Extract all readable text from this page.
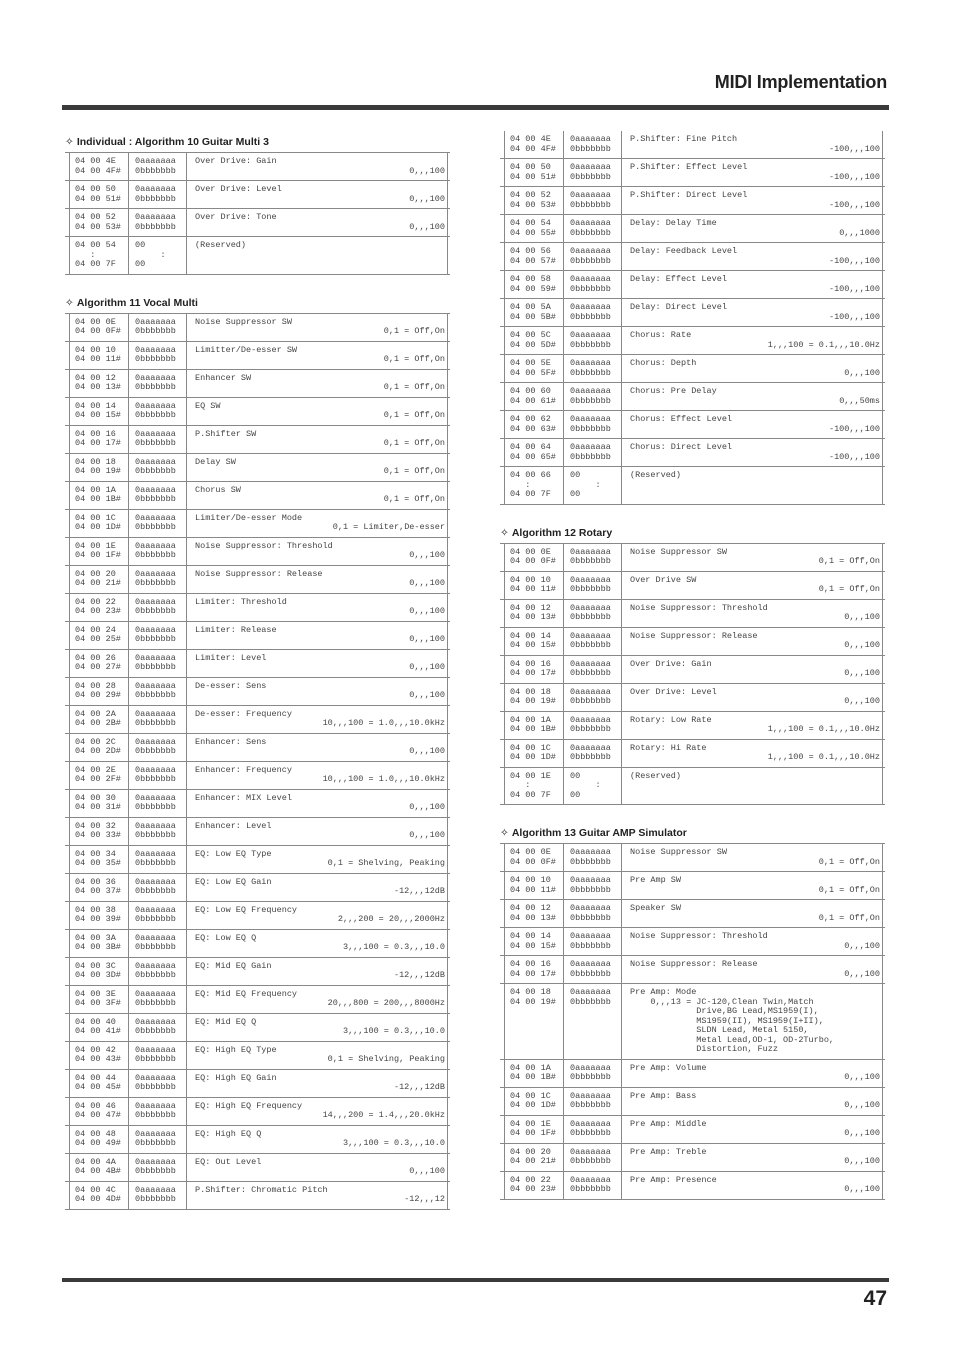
MIDI Implementation
✧ Individual : Algorithm 10 Guitar Multi 3
04 00 4E
04 00 4F#
0aaaaaaa
0bbbbbbb
Over Drive: Gain
0,,,100
04 00 50
04 00 51#
0aaaaaaa
0bbbbbbb
Over Drive: Level
0,,,100
04 00 52
04 00 53#
0aaaaaaa
0bbbbbbb
Over Drive: Tone
0,,,100
04 00 54
:
04 00 7F
00
:
00
(Reserved)
✧ Algorithm 11 Vocal Multi
04 00 0E
04 00 0F#
0aaaaaaa
0bbbbbbb
Noise Suppressor SW
0,1 = Off,On
04 00 10
04 00 11#
0aaaaaaa
0bbbbbbb
Limitter/De-esser SW
0,1 = Off,On
04 00 12
04 00 13#
0aaaaaaa
0bbbbbbb
Enhancer SW
0,1 = Off,On
04 00 14
04 00 15#
0aaaaaaa
0bbbbbbb
EQ SW
0,1 = Off,On
04 00 16
04 00 17#
0aaaaaaa
0bbbbbbb
P.Shifter SW
0,1 = Off,On
04 00 18
04 00 19#
0aaaaaaa
0bbbbbbb
Delay SW
0,1 = Off,On
04 00 1A
04 00 1B#
0aaaaaaa
0bbbbbbb
Chorus SW
0,1 = Off,On
04 00 1C
04 00 1D#
0aaaaaaa
0bbbbbbb
Limiter/De-esser Mode
0,1 = Limiter,De-esser
04 00 1E
04 00 1F#
0aaaaaaa
0bbbbbbb
Noise Suppressor: Threshold
0,,,100
04 00 20
04 00 21#
0aaaaaaa
0bbbbbbb
Noise Suppressor: Release
0,,,100
04 00 22
04 00 23#
0aaaaaaa
0bbbbbbb
Limiter: Threshold
0,,,100
04 00 24
04 00 25#
0aaaaaaa
0bbbbbbb
Limiter: Release
0,,,100
04 00 26
04 00 27#
0aaaaaaa
0bbbbbbb
Limiter: Level
0,,,100
04 00 28
04 00 29#
0aaaaaaa
0bbbbbbb
De-esser: Sens
0,,,100
04 00 2A
04 00 2B#
0aaaaaaa
0bbbbbbb
De-esser: Frequency
10,,,100 = 1.0,,,10.0kHz
04 00 2C
04 00 2D#
0aaaaaaa
0bbbbbbb
Enhancer: Sens
0,,,100
04 00 2E
04 00 2F#
0aaaaaaa
0bbbbbbb
Enhancer: Frequency
10,,,100 = 1.0,,,10.0kHz
04 00 30
04 00 31#
0aaaaaaa
0bbbbbbb
Enhancer: MIX Level
0,,,100
04 00 32
04 00 33#
0aaaaaaa
0bbbbbbb
Enhancer: Level
0,,,100
04 00 34
04 00 35#
0aaaaaaa
0bbbbbbb
EQ: Low EQ Type
0,1 = Shelving, Peaking
04 00 36
04 00 37#
0aaaaaaa
0bbbbbbb
EQ: Low EQ Gain
-12,,,12dB
04 00 38
04 00 39#
0aaaaaaa
0bbbbbbb
EQ: Low EQ Frequency
2,,,200 = 20,,,2000Hz
04 00 3A
04 00 3B#
0aaaaaaa
0bbbbbbb
EQ: Low EQ Q
3,,,100 = 0.3,,,10.0
04 00 3C
04 00 3D#
0aaaaaaa
0bbbbbbb
EQ: Mid EQ Gain
-12,,,12dB
04 00 3E
04 00 3F#
0aaaaaaa
0bbbbbbb
EQ: Mid EQ Frequency
20,,,800 = 200,,,8000Hz
04 00 40
04 00 41#
0aaaaaaa
0bbbbbbb
EQ: Mid EQ Q
3,,,100 = 0.3,,,10.0
04 00 42
04 00 43#
0aaaaaaa
0bbbbbbb
EQ: High EQ Type
0,1 = Shelving, Peaking
04 00 44
04 00 45#
0aaaaaaa
0bbbbbbb
EQ: High EQ Gain
-12,,,12dB
04 00 46
04 00 47#
0aaaaaaa
0bbbbbbb
EQ: High EQ Frequency
14,,,200 = 1.4,,,20.0kHz
04 00 48
04 00 49#
0aaaaaaa
0bbbbbbb
EQ: High EQ Q
3,,,100 = 0.3,,,10.0
04 00 4A
04 00 4B#
0aaaaaaa
0bbbbbbb
EQ: Out Level
0,,,100
04 00 4C
04 00 4D#
0aaaaaaa
0bbbbbbb
P.Shifter: Chromatic Pitch
-12,,,12
04 00 4E
04 00 4F#
0aaaaaaa
0bbbbbbb
P.Shifter: Fine Pitch
-100,,,100
04 00 50
04 00 51#
0aaaaaaa
0bbbbbbb
P.Shifter: Effect Level
-100,,,100
04 00 52
04 00 53#
0aaaaaaa
0bbbbbbb
P.Shifter: Direct Level
-100,,,100
04 00 54
04 00 55#
0aaaaaaa
0bbbbbbb
Delay: Delay Time
0,,,1000
04 00 56
04 00 57#
0aaaaaaa
0bbbbbbb
Delay: Feedback Level
-100,,,100
04 00 58
04 00 59#
0aaaaaaa
0bbbbbbb
Delay: Effect Level
-100,,,100
04 00 5A
04 00 5B#
0aaaaaaa
0bbbbbbb
Delay: Direct Level
-100,,,100
04 00 5C
04 00 5D#
0aaaaaaa
0bbbbbbb
Chorus: Rate
1,,,100 = 0.1,,,10.0Hz
04 00 5E
04 00 5F#
0aaaaaaa
0bbbbbbb
Chorus: Depth
0,,,100
04 00 60
04 00 61#
0aaaaaaa
0bbbbbbb
Chorus: Pre Delay
0,,,50ms
04 00 62
04 00 63#
0aaaaaaa
0bbbbbbb
Chorus: Effect Level
-100,,,100
04 00 64
04 00 65#
0aaaaaaa
0bbbbbbb
Chorus: Direct Level
-100,,,100
04 00 66
:
04 00 7F
00
:
00
(Reserved)
✧ Algorithm 12 Rotary
04 00 0E
04 00 0F#
0aaaaaaa
0bbbbbbb
Noise Suppressor SW
0,1 = Off,On
04 00 10
04 00 11#
0aaaaaaa
0bbbbbbb
Over Drive SW
0,1 = Off,On
04 00 12
04 00 13#
0aaaaaaa
0bbbbbbb
Noise Suppressor: Threshold
0,,,100
04 00 14
04 00 15#
0aaaaaaa
0bbbbbbb
Noise Suppressor: Release
0,,,100
04 00 16
04 00 17#
0aaaaaaa
0bbbbbbb
Over Drive: Gain
0,,,100
04 00 18
04 00 19#
0aaaaaaa
0bbbbbbb
Over Drive: Level
0,,,100
04 00 1A
04 00 1B#
0aaaaaaa
0bbbbbbb
Rotary: Low Rate
1,,,100 = 0.1,,,10.0Hz
04 00 1C
04 00 1D#
0aaaaaaa
0bbbbbbb
Rotary: Hi Rate
1,,,100 = 0.1,,,10.0Hz
04 00 1E
:
04 00 7F
00
:
00
(Reserved)
✧ Algorithm 13 Guitar AMP Simulator
04 00 0E
04 00 0F#
0aaaaaaa
0bbbbbbb
Noise Suppressor SW
0,1 = Off,On
04 00 10
04 00 11#
0aaaaaaa
0bbbbbbb
Pre Amp SW
0,1 = Off,On
04 00 12
04 00 13#
0aaaaaaa
0bbbbbbb
Speaker SW
0,1 = Off,On
04 00 14
04 00 15#
0aaaaaaa
0bbbbbbb
Noise Suppressor: Threshold
0,,,100
04 00 16
04 00 17#
0aaaaaaa
0bbbbbbb
Noise Suppressor: Release
0,,,100
04 00 18
04 00 19#
0aaaaaaa
0bbbbbbb
Pre Amp: Mode
0,,,13 = JC-120,Clean Twin,Match
Drive,BG Lead,MS1959(I),
MS1959(II), MS1959(I+II),
SLDN Lead, Metal 5150,
Metal Lead,OD-1, OD-2Turbo,
Distortion, Fuzz
04 00 1A
04 00 1B#
0aaaaaaa
0bbbbbbb
Pre Amp: Volume
0,,,100
04 00 1C
04 00 1D#
0aaaaaaa
0bbbbbbb
Pre Amp: Bass
0,,,100
04 00 1E
04 00 1F#
0aaaaaaa
0bbbbbbb
Pre Amp: Middle
0,,,100
04 00 20
04 00 21#
0aaaaaaa
0bbbbbbb
Pre Amp: Treble
0,,,100
04 00 22
04 00 23#
0aaaaaaa
0bbbbbbb
Pre Amp: Presence
0,,,100
47
